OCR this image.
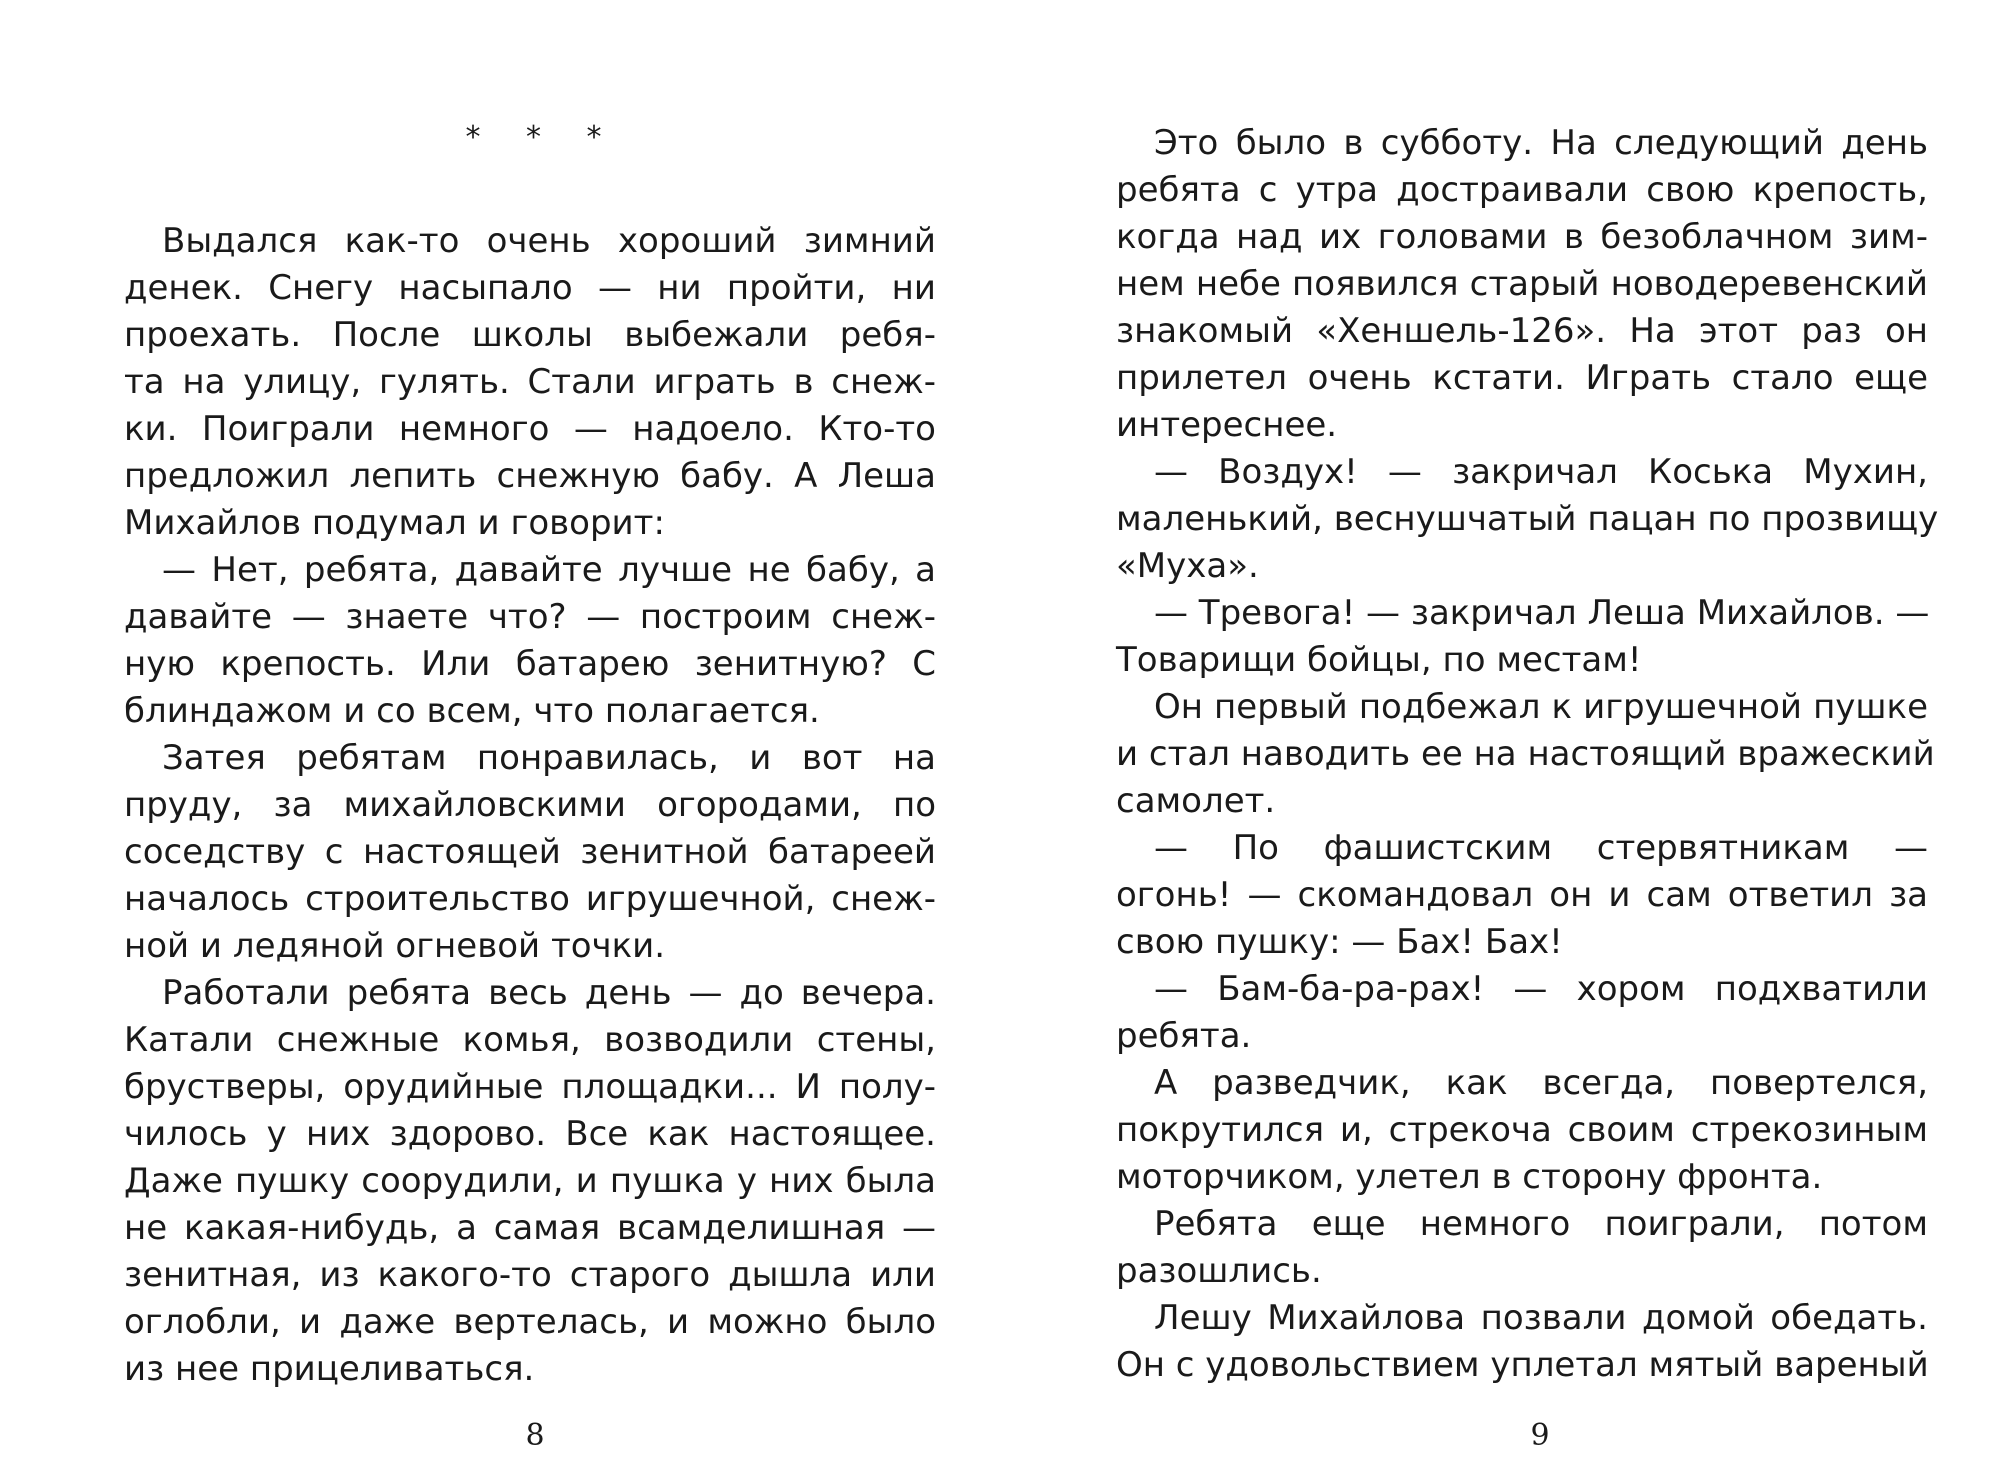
* * *
Выдался как-то очень хороший зимний
денек. Снегу насыпало — ни пройти, ни
проехать. После школы выбежали ребя-
та на улицу, гулять. Стали играть в снеж-
ки. Поиграли немного — надоело. Кто-то
предложил лепить снежную бабу. А Леша
Михайлов подумал и говорит:
— Нет, ребята, давайте лучше не бабу, а
давайте — знаете что? — построим снеж-
ную крепость. Или батарею зенитную? С
блиндажом и со всем, что полагается.
Затея ребятам понравилась, и вот на
пруду, за михайловскими огородами, по
соседству с настоящей зенитной батареей
началось строительство игрушечной, снеж-
ной и ледяной огневой точки.
Работали ребята весь день — до вечера.
Катали снежные комья, возводили стены,
брустверы, орудийные площадки... И полу-
чилось у них здорово. Все как настоящее.
Даже пушку соорудили, и пушка у них была
не какая-нибудь, а самая всамделишная —
зенитная, из какого-то старого дышла или
оглобли, и даже вертелась, и можно было
из нее прицеливаться.
8
Это было в субботу. На следующий день
ребята с утра достраивали свою крепость,
когда над их головами в безоблачном зим-
нем небе появился старый новодеревенский
знакомый «Хеншель-126». На этот раз он
прилетел очень кстати. Играть стало еще
интереснее.
— Воздух! — закричал Коська Мухин,
маленький, веснушчатый пацан по прозвищу
«Муха».
— Тревога! — закричал Леша Михайлов. —
Товарищи бойцы, по местам!
Он первый подбежал к игрушечной пушке
и стал наводить ее на настоящий вражеский
самолет.
— По фашистским стервятникам —
огонь! — скомандовал он и сам ответил за
свою пушку: — Бах! Бах!
— Бам-ба-ра-рах! — хором подхватили
ребята.
А разведчик, как всегда, повертелся,
покрутился и, стрекоча своим стрекозиным
моторчиком, улетел в сторону фронта.
Ребята еще немного поиграли, потом
разошлись.
Лешу Михайлова позвали домой обедать.
Он с удовольствием уплетал мятый вареный
9
